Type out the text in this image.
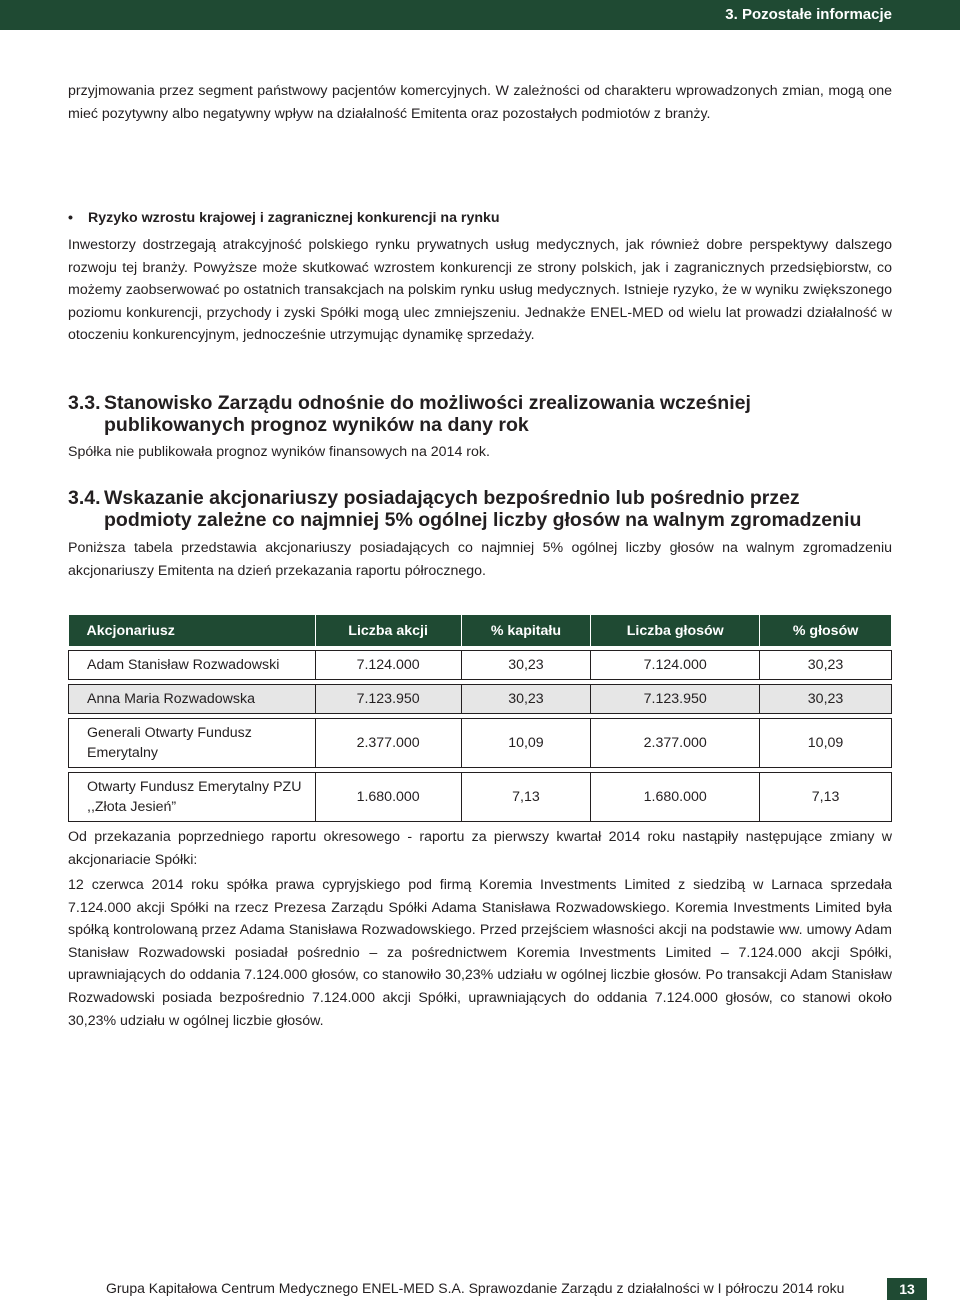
3. Pozostałe informacje

przyjmowania przez segment państwowy pacjentów komercyjnych. W zależności od charakteru wprowadzonych zmian, mogą one mieć pozytywny albo negatywny wpływ na działalność Emitenta oraz pozostałych podmiotów z branży.

• Ryzyko wzrostu krajowej i zagranicznej konkurencji na rynku

Inwestorzy dostrzegają atrakcyjność polskiego rynku prywatnych usług medycznych, jak również dobre perspektywy dalszego rozwoju tej branży. Powyższe może skutkować wzrostem konkurencji ze strony polskich, jak i zagranicznych przedsiębiorstw, co możemy zaobserwować po ostatnich transakcjach na polskim rynku usług medycznych. Istnieje ryzyko, że w wyniku zwiększonego poziomu konkurencji, przychody i zyski Spółki mogą ulec zmniejszeniu. Jednakże ENEL-MED od wielu lat prowadzi działalność w otoczeniu konkurencyjnym, jednocześnie utrzymując dynamikę sprzedaży.

3.3. Stanowisko Zarządu odnośnie do możliwości zrealizowania wcześniej publikowanych prognoz wyników na dany rok

Spółka nie publikowała prognoz wyników finansowych na 2014 rok.

3.4. Wskazanie akcjonariuszy posiadających bezpośrednio lub pośrednio przez podmioty zależne co najmniej 5% ogólnej liczby głosów na walnym zgromadzeniu

Poniższa tabela przedstawia akcjonariuszy posiadających co najmniej 5% ogólnej liczby głosów na walnym zgromadzeniu akcjonariuszy Emitenta na dzień przekazania raportu półrocznego.

Akcjonariusz	Liczba akcji	% kapitału	Liczba głosów	% głosów

Adam Stanisław Rozwadowski	7.124.000	30,23	7.124.000	30,23

Anna Maria Rozwadowska	7.123.950	30,23	7.123.950	30,23

Generali Otwarty Fundusz Emerytalny	2.377.000	10,09	2.377.000	10,09

Otwarty Fundusz Emerytalny PZU ,,Złota Jesień”	1.680.000	7,13	1.680.000	7,13

Od przekazania poprzedniego raportu okresowego - raportu za pierwszy kwartał 2014 roku nastąpiły następujące zmiany w akcjonariacie Spółki:

12 czerwca 2014 roku spółka prawa cypryjskiego pod firmą Koremia Investments Limited z siedzibą w Larnaca sprzedała 7.124.000 akcji Spółki na rzecz Prezesa Zarządu Spółki Adama Stanisława Rozwadowskiego. Koremia Investments Limited była spółką kontrolowaną przez Adama Stanisława Rozwadowskiego. Przed przejściem własności akcji na podstawie ww. umowy Adam Stanisław Rozwadowski posiadał pośrednio – za pośrednictwem Koremia Investments Limited – 7.124.000 akcji Spółki, uprawniających do oddania 7.124.000 głosów, co stanowiło 30,23% udziału w ogólnej liczbie głosów. Po transakcji Adam Stanisław Rozwadowski posiada bezpośrednio 7.124.000 akcji Spółki, uprawniających do oddania 7.124.000 głosów, co stanowi około 30,23% udziału w ogólnej liczbie głosów.

Grupa Kapitałowa Centrum Medycznego ENEL-MED S.A. Sprawozdanie Zarządu z działalności w I półroczu 2014 roku	13
